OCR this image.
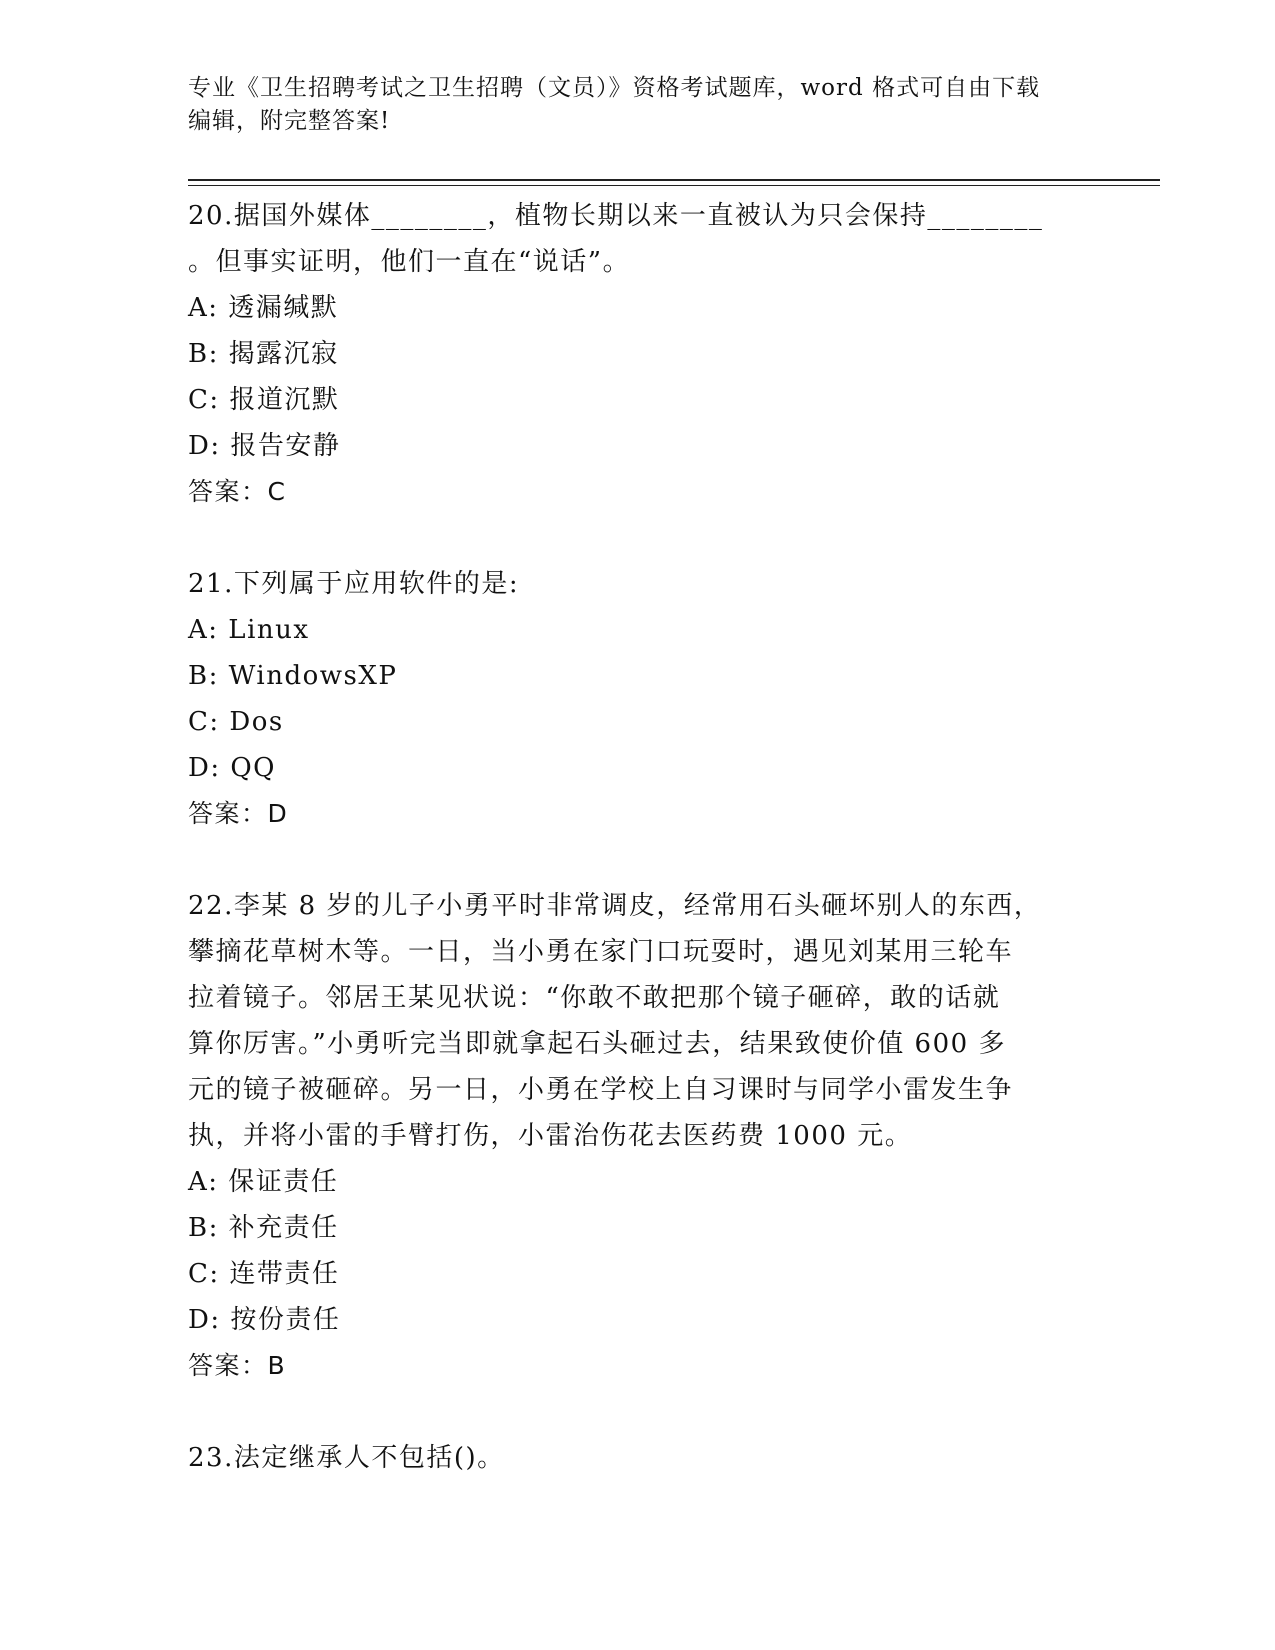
专业《卫生招聘考试之卫生招聘（文员）》资格考试题库，word 格式可自由下载
编辑，附完整答案!

20.据国外媒体________，植物长期以来一直被认为只会保持________

。但事实证明，他们一直在“说话”。

A: 透漏缄默

B: 揭露沉寂

C: 报道沉默

D: 报告安静

答案：C

21.下列属于应用软件的是:

A: Linux

B: WindowsXP

C: Dos

D: QQ

答案：D

22.李某 8 岁的儿子小勇平时非常调皮，经常用石头砸坏别人的东西，

攀摘花草树木等。一日，当小勇在家门口玩耍时，遇见刘某用三轮车

拉着镜子。邻居王某见状说：“你敢不敢把那个镜子砸碎，敢的话就

算你厉害。”小勇听完当即就拿起石头砸过去，结果致使价值 600 多

元的镜子被砸碎。另一日，小勇在学校上自习课时与同学小雷发生争

执，并将小雷的手臂打伤，小雷治伤花去医药费 1000 元。

A: 保证责任

B: 补充责任

C: 连带责任

D: 按份责任

答案：B

23.法定继承人不包括()。
